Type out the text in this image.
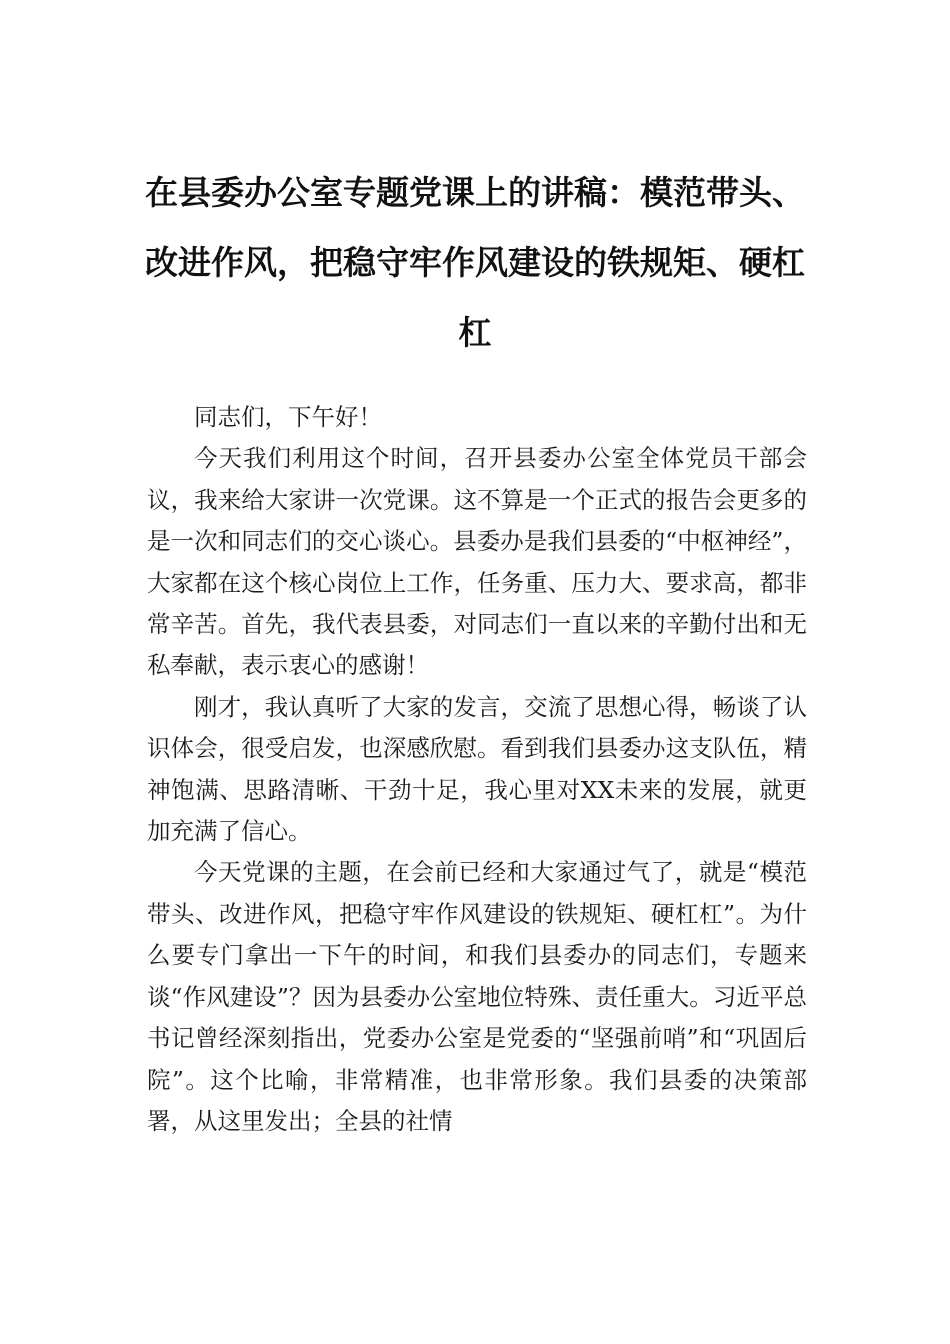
在县委办公室专题党课上的讲稿：模范带头、改进作风，把稳守牢作风建设的铁规矩、硬杠杠

同志们，下午好！

今天我们利用这个时间，召开县委办公室全体党员干部会议，我来给大家讲一次党课。这不算是一个正式的报告会更多的是一次和同志们的交心谈心。县委办是我们县委的“中枢神经”，大家都在这个核心岗位上工作，任务重、压力大、要求高，都非常辛苦。首先，我代表县委，对同志们一直以来的辛勤付出和无私奉献，表示衷心的感谢！

刚才，我认真听了大家的发言，交流了思想心得，畅谈了认识体会，很受启发，也深感欣慰。看到我们县委办这支队伍，精神饱满、思路清晰、干劲十足，我心里对XX未来的发展，就更加充满了信心。

今天党课的主题，在会前已经和大家通过气了，就是“模范带头、改进作风，把稳守牢作风建设的铁规矩、硬杠杠”。为什么要专门拿出一下午的时间，和我们县委办的同志们，专题来谈“作风建设”？因为县委办公室地位特殊、责任重大。习近平总书记曾经深刻指出，党委办公室是党委的“坚强前哨”和“巩固后院”。这个比喻，非常精准，也非常形象。我们县委的决策部署，从这里发出；全县的社情
